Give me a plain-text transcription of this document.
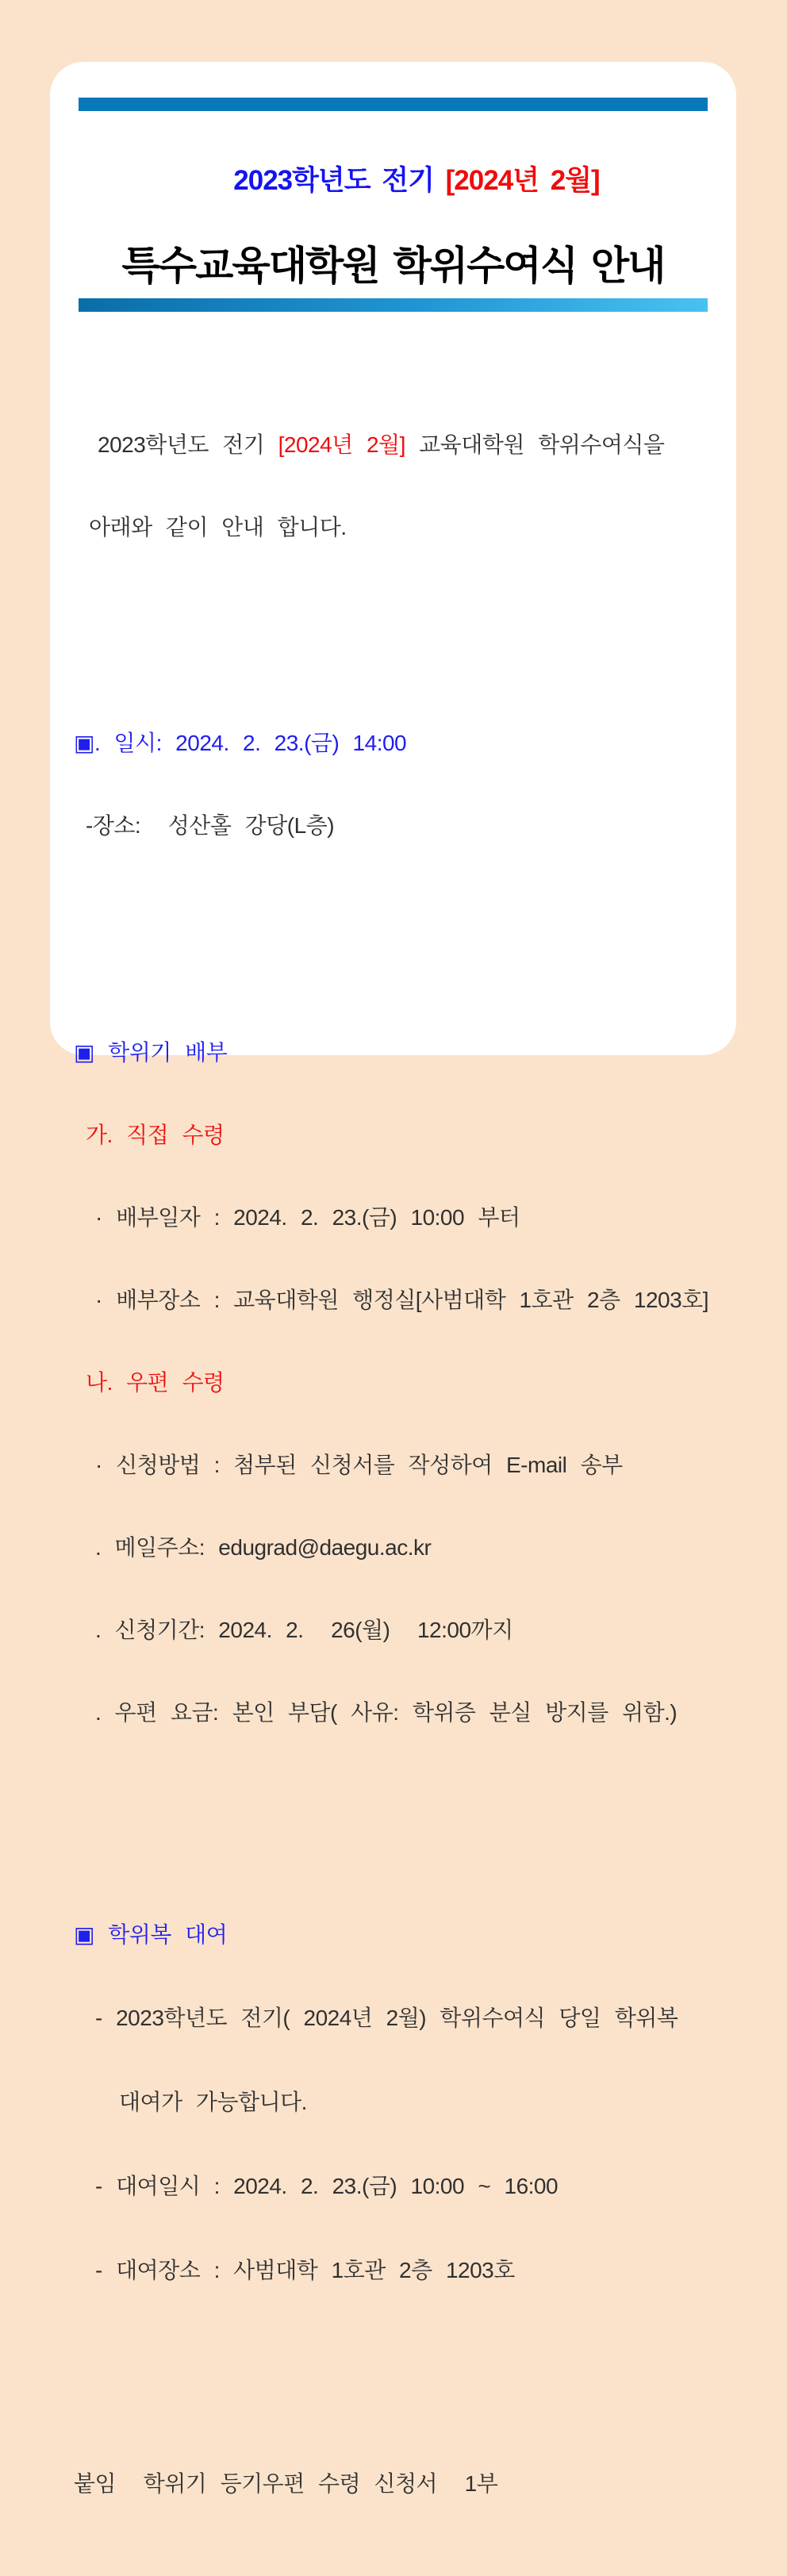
2023학년도 전기 [2024년 2월]

특수교육대학원 학위수여식 안내

2023학년도 전기 [2024년 2월] 교육대학원 학위수여식을

아래와 같이 안내 합니다.

▣. 일시: 2024. 2. 23.(금) 14:00

-장소:  성산홀 강당(L층)

▣ 학위기 배부

가. 직접 수령

· 배부일자 : 2024. 2. 23.(금) 10:00 부터

· 배부장소 : 교육대학원 행정실[사범대학 1호관 2층 1203호]

나. 우편 수령

· 신청방법 : 첨부된 신청서를 작성하여 E-mail 송부

. 메일주소: edugrad@daegu.ac.kr

. 신청기간: 2024. 2.  26(월)  12:00까지

. 우편 요금: 본인 부담( 사유: 학위증 분실 방지를 위함.)

▣ 학위복 대여

- 2023학년도 전기( 2024년 2월) 학위수여식 당일 학위복

대여가 가능합니다.

- 대여일시 : 2024. 2. 23.(금) 10:00 ~ 16:00

- 대여장소 : 사범대학 1호관 2층 1203호

붙임  학위기 등기우편 수령 신청서  1부
